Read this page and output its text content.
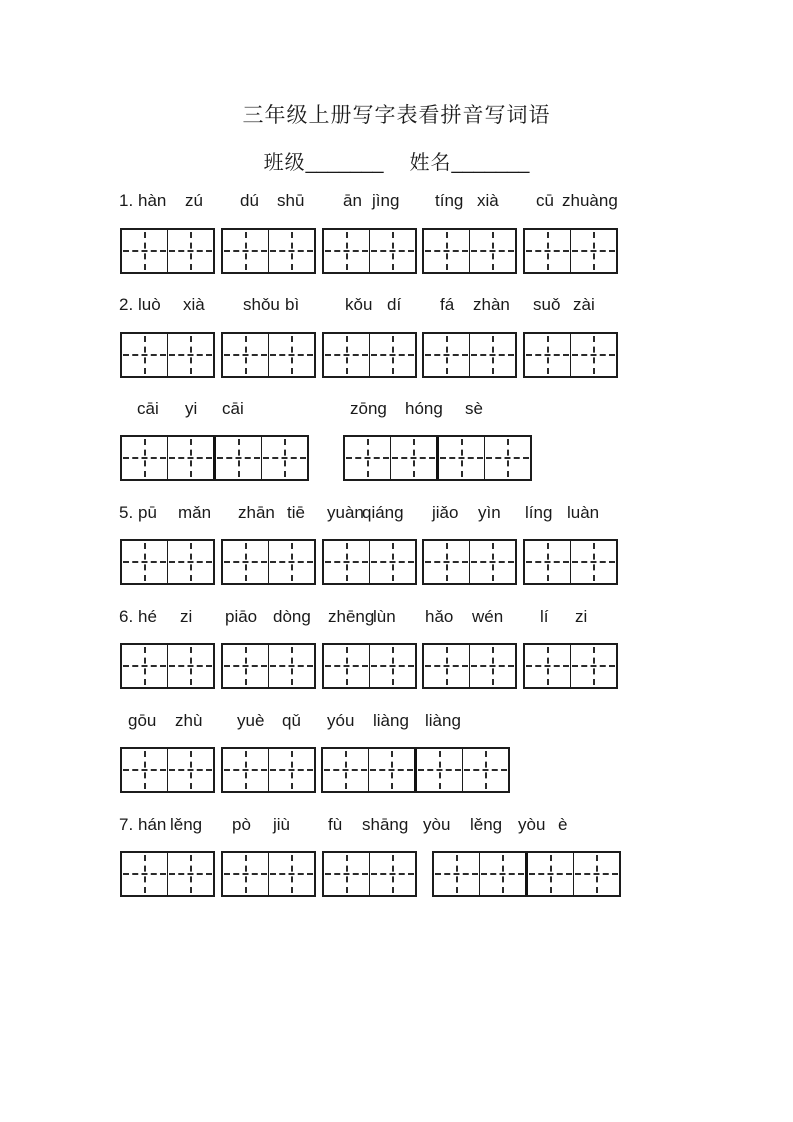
三年级上册写字表看拼音写词语
班级_______ 姓名_______
1. hàn zú dú shū ān jìng tíng xià cū zhuàng
2. luò xià shǒu bì	kǒu dí fá zhàn suǒ zài
cāi yi cāi	zōng hóng sè
5. pū mǎn zhān tiē yuàn
qiáng jiǎo yìn líng luàn
6. hé zi piāo dòng zhēng
lùn hǎo wén lí zi
gōu zhù yuè qǔ yóu liàng liàng
7. hán lěng pò jiù fù shāng yòu lěng yòu è
